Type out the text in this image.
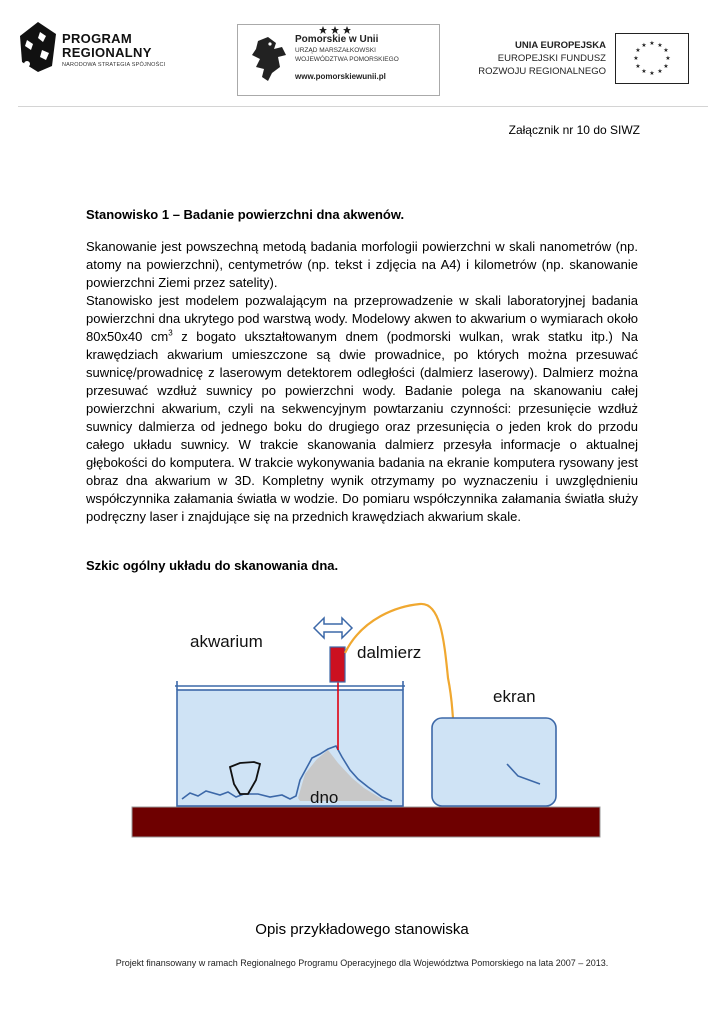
PROGRAM
REGIONALNY
NARODOWA STRATEGIA SPÓJNOŚCI
Pomorskie w Unii
URZĄD MARSZAŁKOWSKI
WOJEWÓDZTWA POMORSKIEGO
www.pomorskiewunii.pl
UNIA EUROPEJSKA
EUROPEJSKI FUNDUSZ
ROZWOJU REGIONALNEGO
★ ★
★
★
★
★
★
★
★
★
★
★
Załącznik nr 10 do SIWZ
Stanowisko 1 – Badanie powierzchni dna akwenów.

Skanowanie jest powszechną metodą badania morfologii powierzchni w skali nanometrów (np. atomy na powierzchni), centymetrów (np. tekst i zdjęcia na A4) i kilometrów (np. skanowanie powierzchni Ziemi przez satelity).

Stanowisko jest modelem pozwalającym na przeprowadzenie w skali laboratoryjnej badania powierzchni dna ukrytego pod warstwą wody. Modelowy akwen to akwarium o wymiarach około 80x50x40 $cm^3$ z bogato ukształtowanym dnem (podmorski wulkan, wrak statku itp.) Na krawędziach akwarium umieszczone są dwie prowadnice, po których można przesuwać suwnicę/prowadnicę z laserowym detektorem odległości (dalmierz laserowy). Dalmierz można przesuwać wzdłuż suwnicy po powierzchni wody. Badanie polega na skanowaniu całej powierzchni akwarium, czyli na sekwencyjnym powtarzaniu czynności: przesunięcie wzdłuż suwnicy dalmierza od jednego boku do drugiego oraz przesunięcia o jeden krok do przodu całego układu suwnicy. W trakcie skanowania dalmierz przesyła informacje o aktualnej głębokości do komputera. W trakcie wykonywania badania na ekranie komputera rysowany jest obraz dna akwarium w 3D. Kompletny wynik otrzymamy po wyznaczeniu i uwzględnieniu współczynnika załamania światła w wodzie. Do pomiaru współczynnika załamania światła służy podręczny laser i znajdujące się na przednich krawędziach akwarium skale.

Szkic ogólny układu do skanowania dna.
akwarium
dalmierz
ekran
dno
Opis przykładowego stanowiska
Projekt finansowany w ramach Regionalnego Programu Operacyjnego dla Województwa Pomorskiego na lata 2007 – 2013.
